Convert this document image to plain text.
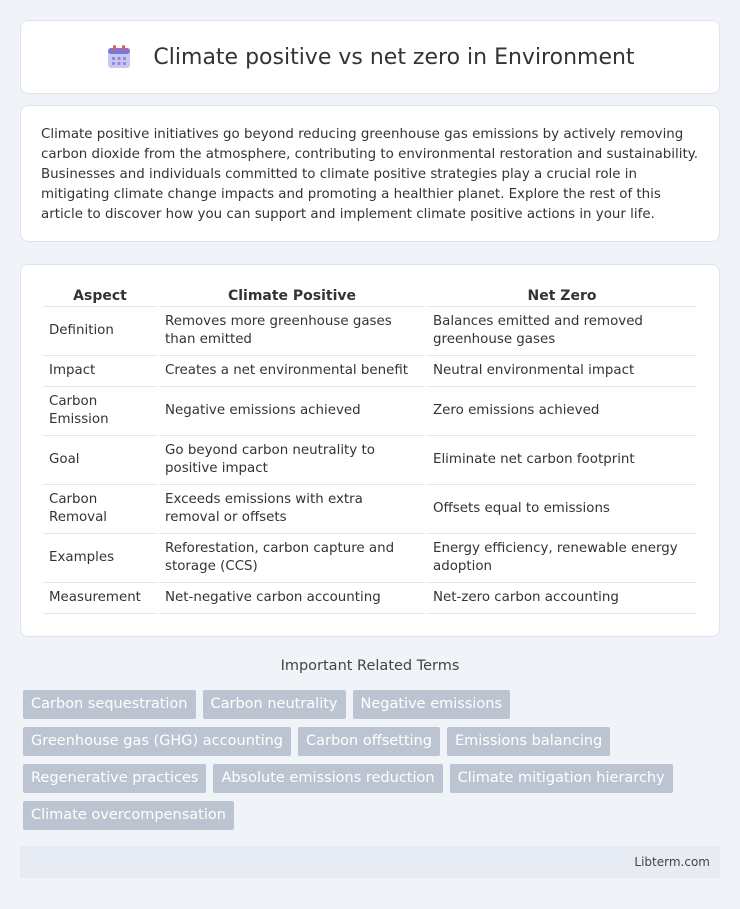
Climate positive vs net zero in Environment
Climate positive initiatives go beyond reducing greenhouse gas emissions by actively removing carbon dioxide from the atmosphere, contributing to environmental restoration and sustainability. Businesses and individuals committed to climate positive strategies play a crucial role in mitigating climate change impacts and promoting a healthier planet. Explore the rest of this article to discover how you can support and implement climate positive actions in your life.
Aspect	Climate Positive	Net Zero
Definition	Removes more greenhouse gases than emitted	Balances emitted and removed greenhouse gases
Impact	Creates a net environmental benefit	Neutral environmental impact
Carbon Emission	Negative emissions achieved	Zero emissions achieved
Goal	Go beyond carbon neutrality to positive impact	Eliminate net carbon footprint
Carbon Removal	Exceeds emissions with extra removal or offsets	Offsets equal to emissions
Examples	Reforestation, carbon capture and storage (CCS)	Energy efficiency, renewable energy adoption
Measurement	Net-negative carbon accounting	Net-zero carbon accounting
Important Related Terms
Carbon sequestration	Carbon neutrality	Negative emissions
Greenhouse gas (GHG) accounting	Carbon offsetting	Emissions balancing
Regenerative practices	Absolute emissions reduction	Climate mitigation hierarchy
Climate overcompensation
Libterm.com
